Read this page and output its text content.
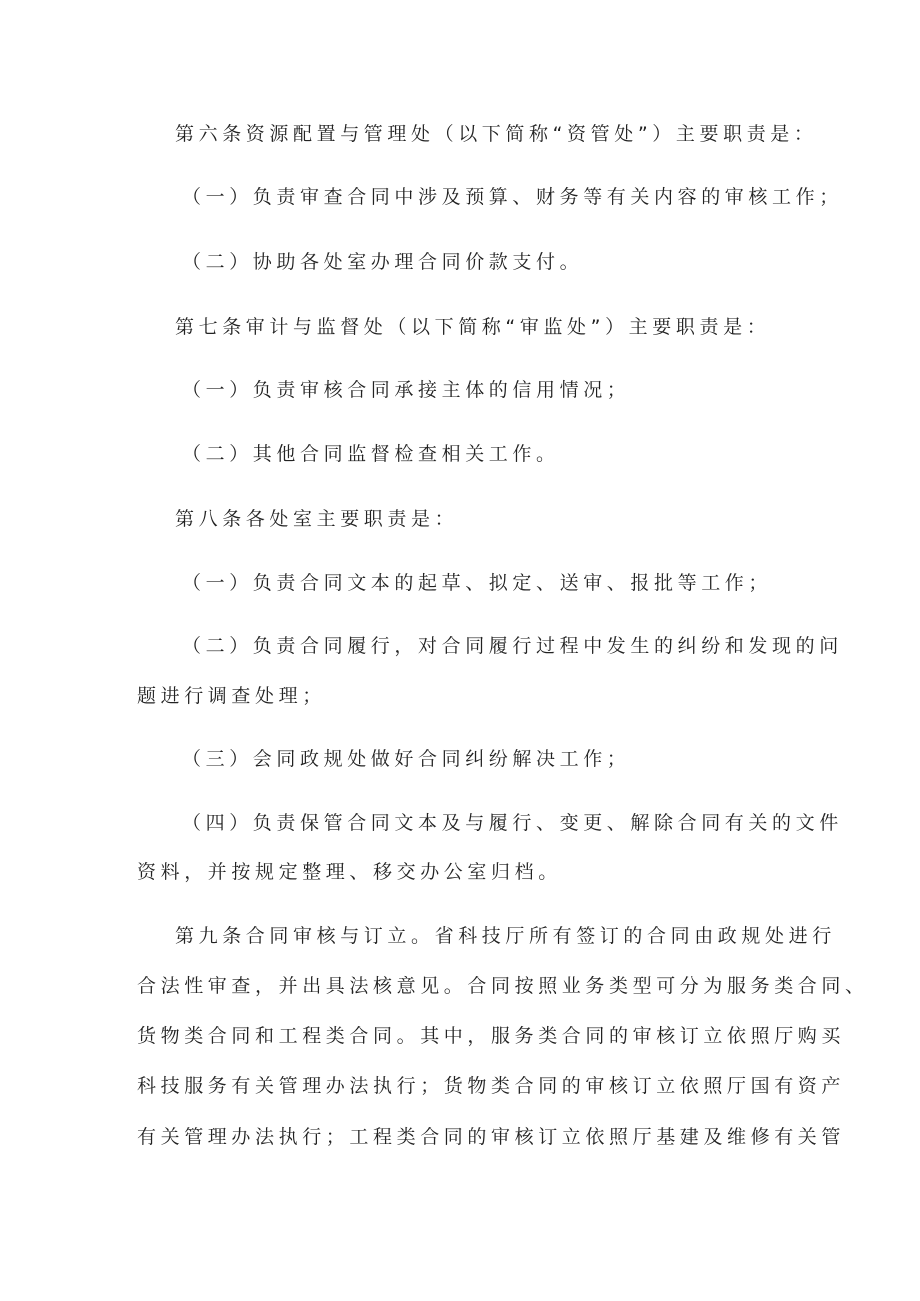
第六条资源配置与管理处（以下简称“资管处”）主要职责是：
（一）负责审查合同中涉及预算、财务等有关内容的审核工作；
（二）协助各处室办理合同价款支付。
第七条审计与监督处（以下简称“审监处”）主要职责是：
（一）负责审核合同承接主体的信用情况；
（二）其他合同监督检查相关工作。
第八条各处室主要职责是：
（一）负责合同文本的起草、拟定、送审、报批等工作；
（二）负责合同履行，对合同履行过程中发生的纠纷和发现的问
题进行调查处理；
（三）会同政规处做好合同纠纷解决工作；
（四）负责保管合同文本及与履行、变更、解除合同有关的文件
资料，并按规定整理、移交办公室归档。
第九条合同审核与订立。省科技厅所有签订的合同由政规处进行
合法性审查，并出具法核意见。合同按照业务类型可分为服务类合同、
货物类合同和工程类合同。其中，服务类合同的审核订立依照厅购买
科技服务有关管理办法执行；货物类合同的审核订立依照厅国有资产
有关管理办法执行；工程类合同的审核订立依照厅基建及维修有关管
